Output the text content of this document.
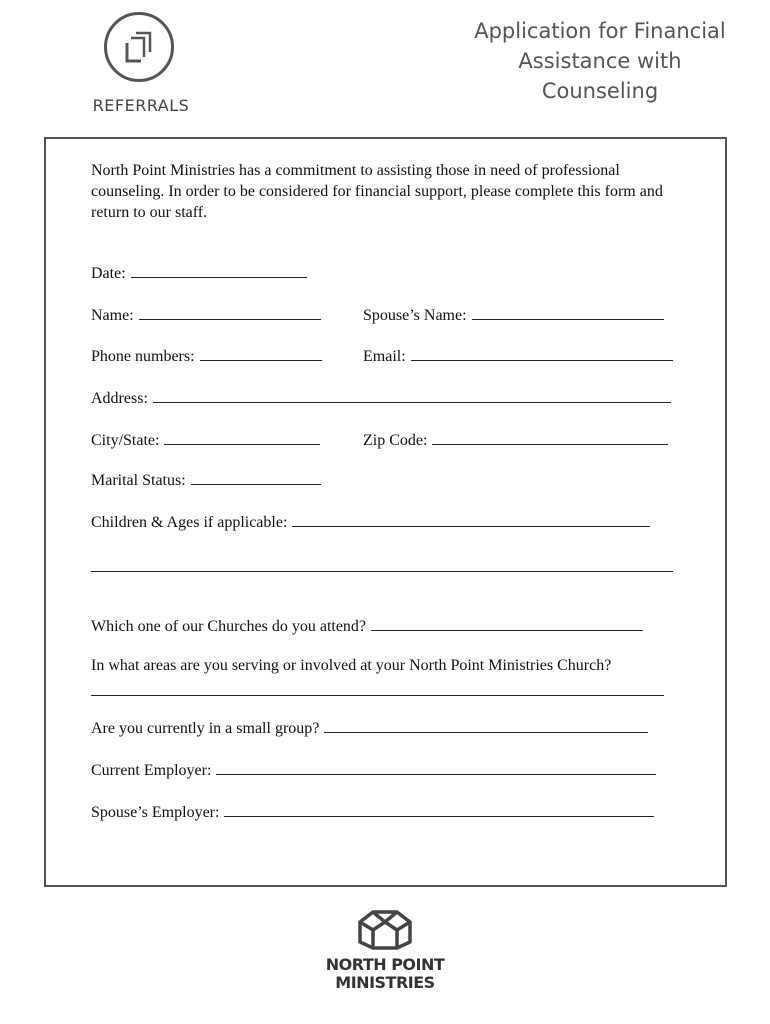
REFERRALS
Application for Financial
Assistance with
Counseling
North Point Ministries has a commitment to assisting those in need of professional counseling. In order to be considered for financial support, please complete this form and return to our staff.
Date:
Name:	Spouse’s Name:
Phone numbers:	Email:
Address:
City/State:	Zip Code:
Marital Status:
Children & Ages if applicable:
Which one of our Churches do you attend?
In what areas are you serving or involved at your North Point Ministries Church?
Are you currently in a small group?
Current Employer:
Spouse’s Employer:
NORTH POINT
MINISTRIES
